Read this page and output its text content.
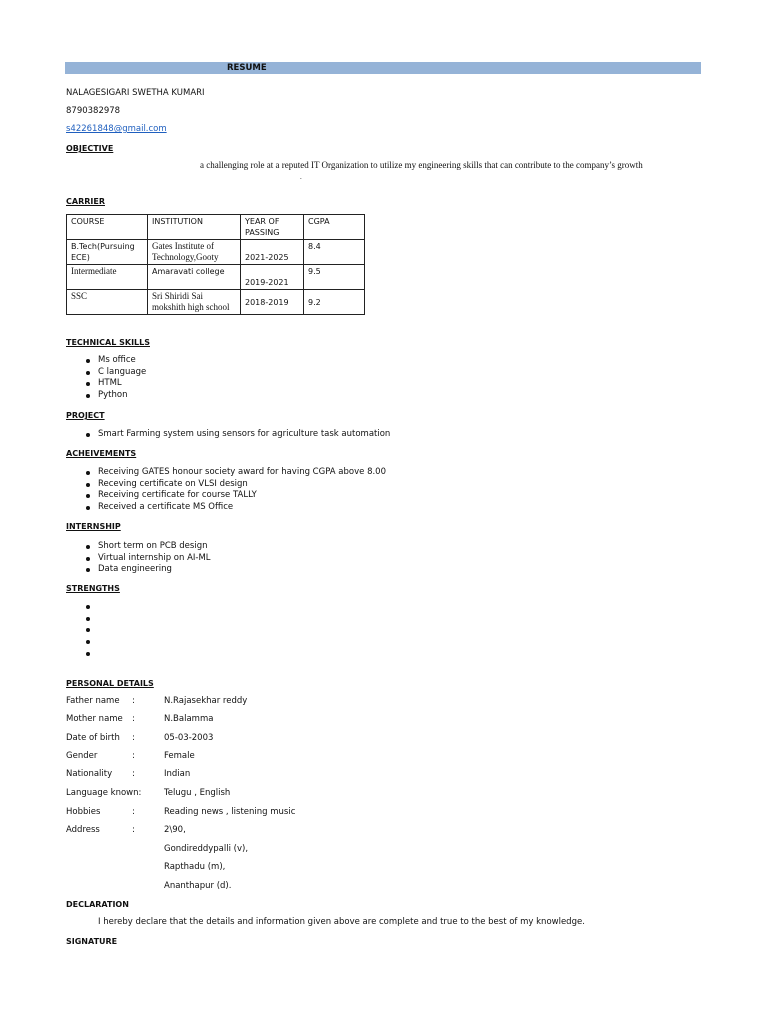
RESUME
NALAGESIGARI SWETHA KUMARI
8790382978
s42261848@gmail.com
OBJECTIVE
a challenging role at a reputed IT Organization to utilize my engineering skills that can contribute to the company’s growth
.
CARRIER
COURSE	INSTITUTION	YEAR OF PASSING	CGPA
B.Tech(Pursuing ECE)	Gates Institute of Technology,Gooty	2021-2025	8.4
Intermediate	Amaravati college	2019-2021	9.5
SSC	Sri Shiridi Sai mokshith high school	2018-2019	9.2
TECHNICAL SKILLS
Ms office
C language
HTML
Python
PROJECT
Smart Farming system using sensors for agriculture task automation
ACHEIVEMENTS
Receiving GATES honour society award for having CGPA above 8.00
Receving certificate on VLSI design
Receiving certificate for course TALLY
Received a certificate MS Office
INTERNSHIP
Short term on PCB design
Virtual internship on AI-ML
Data engineering
STRENGTHS
PERSONAL DETAILS
Father name :	N.Rajasekhar reddy
Mother name :	N.Balamma
Date of birth :	05-03-2003
Gender	:	Female
Nationality :	Indian
Language known:	Telugu , English
Hobbies	:	Reading news , listening music
Address	:	2\90,
Gondireddypalli (v),
Rapthadu (m),
Ananthapur (d).
DECLARATION
I hereby declare that the details and information given above are complete and true to the best of my knowledge.
SIGNATURE
